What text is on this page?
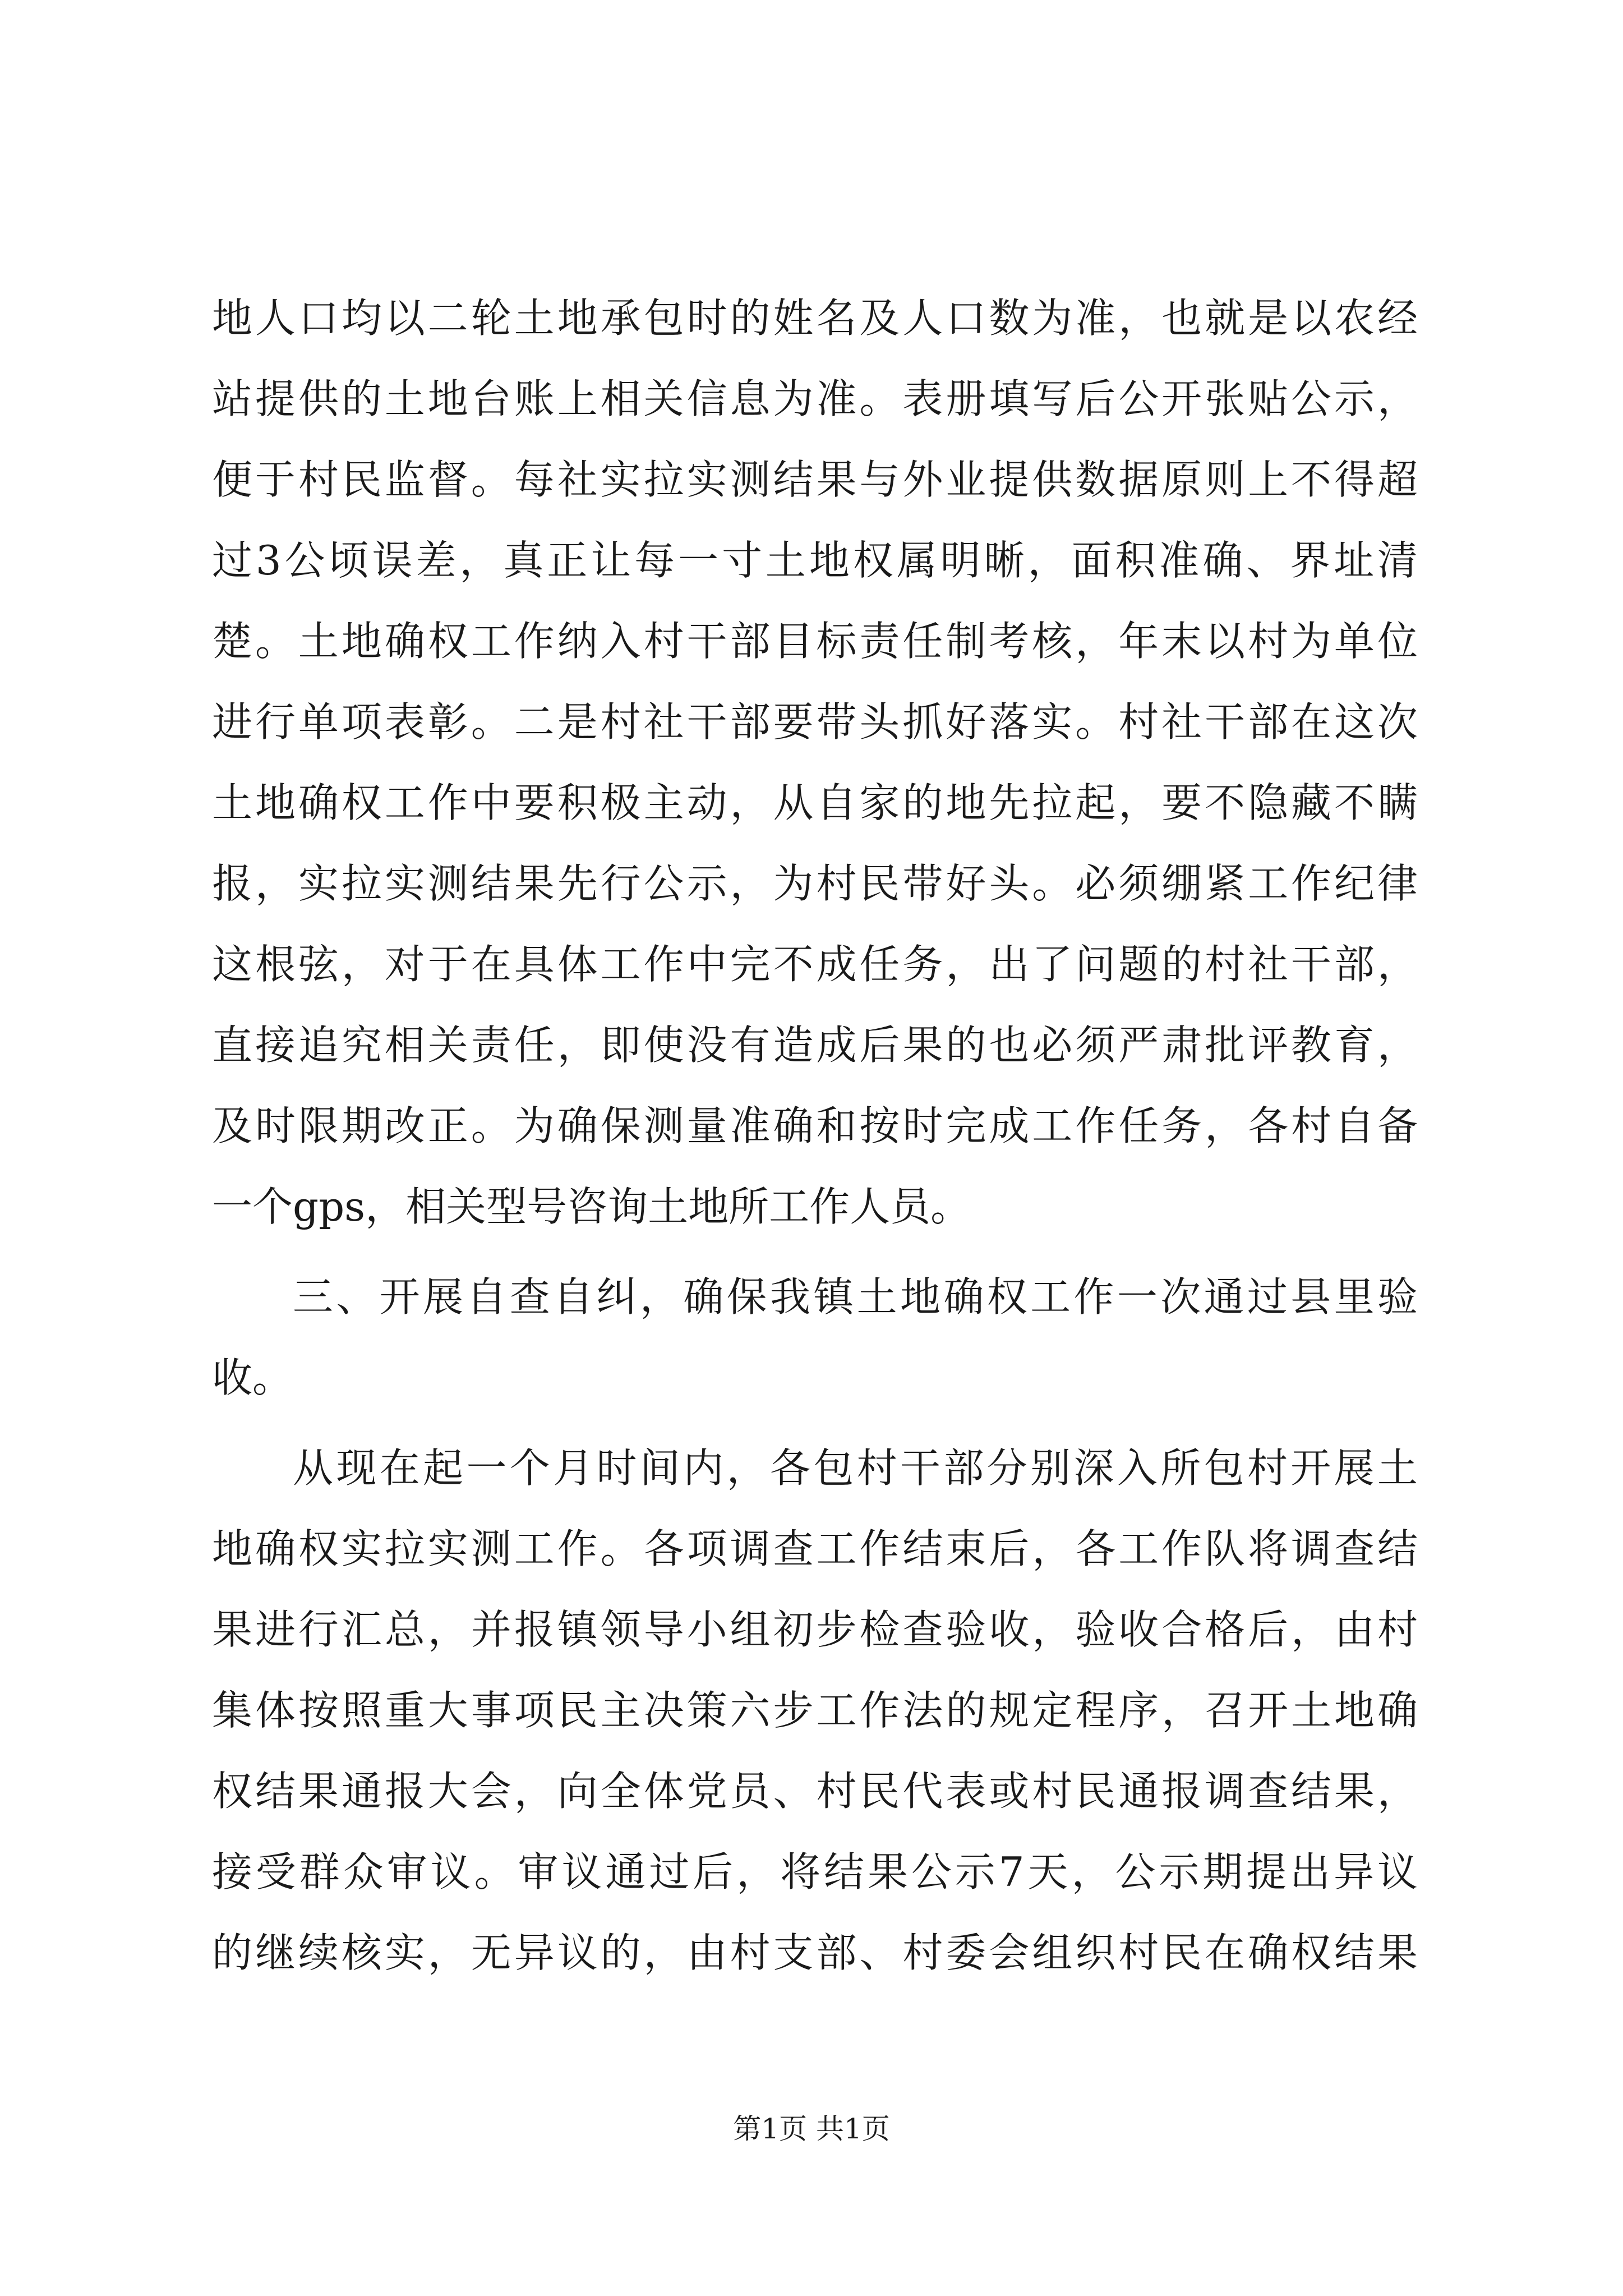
地人口均以二轮土地承包时的姓名及人口数为准，也就是以农经
站提供的土地台账上相关信息为准。表册填写后公开张贴公示，
便于村民监督。每社实拉实测结果与外业提供数据原则上不得超
过3公顷误差，真正让每一寸土地权属明晰，面积准确、界址清
楚。土地确权工作纳入村干部目标责任制考核，年末以村为单位
进行单项表彰。二是村社干部要带头抓好落实。村社干部在这次
土地确权工作中要积极主动，从自家的地先拉起，要不隐藏不瞒
报，实拉实测结果先行公示，为村民带好头。必须绷紧工作纪律
这根弦，对于在具体工作中完不成任务，出了问题的村社干部，
直接追究相关责任，即使没有造成后果的也必须严肃批评教育，
及时限期改正。为确保测量准确和按时完成工作任务，各村自备
一个gps，相关型号咨询土地所工作人员。
三、开展自查自纠，确保我镇土地确权工作一次通过县里验
收。
从现在起一个月时间内，各包村干部分别深入所包村开展土
地确权实拉实测工作。各项调查工作结束后，各工作队将调查结
果进行汇总，并报镇领导小组初步检查验收，验收合格后，由村
集体按照重大事项民主决策六步工作法的规定程序，召开土地确
权结果通报大会，向全体党员、村民代表或村民通报调查结果，
接受群众审议。审议通过后，将结果公示7天，公示期提出异议
的继续核实，无异议的，由村支部、村委会组织村民在确权结果
第1页 共1页
